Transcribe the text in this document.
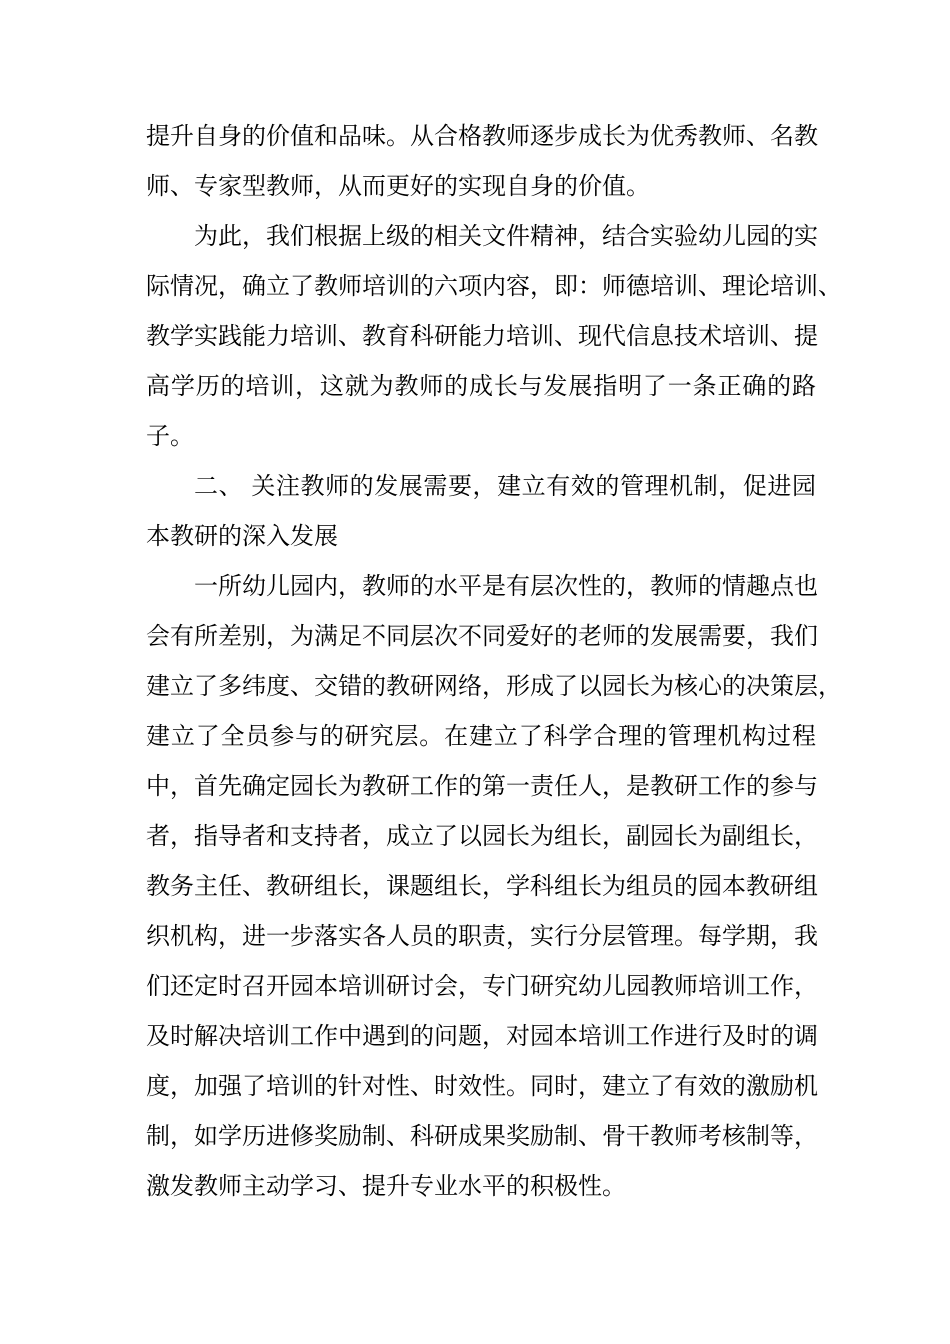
提升自身的价值和品味。从合格教师逐步成长为优秀教师、名教
师、专家型教师，从而更好的实现自身的价值。
为此，我们根据上级的相关文件精神，结合实验幼儿园的实
际情况，确立了教师培训的六项内容，即：师德培训、理论培训、
教学实践能力培训、教育科研能力培训、现代信息技术培训、提
高学历的培训，这就为教师的成长与发展指明了一条正确的路
子。
二、 关注教师的发展需要，建立有效的管理机制，促进园
本教研的深入发展
一所幼儿园内，教师的水平是有层次性的，教师的情趣点也
会有所差别，为满足不同层次不同爱好的老师的发展需要，我们
建立了多纬度、交错的教研网络，形成了以园长为核心的决策层，
建立了全员参与的研究层。在建立了科学合理的管理机构过程
中，首先确定园长为教研工作的第一责任人，是教研工作的参与
者，指导者和支持者，成立了以园长为组长，副园长为副组长，
教务主任、教研组长，课题组长，学科组长为组员的园本教研组
织机构，进一步落实各人员的职责，实行分层管理。每学期，我
们还定时召开园本培训研讨会，专门研究幼儿园教师培训工作，
及时解决培训工作中遇到的问题，对园本培训工作进行及时的调
度，加强了培训的针对性、时效性。同时，建立了有效的激励机
制，如学历进修奖励制、科研成果奖励制、骨干教师考核制等，
激发教师主动学习、提升专业水平的积极性。
